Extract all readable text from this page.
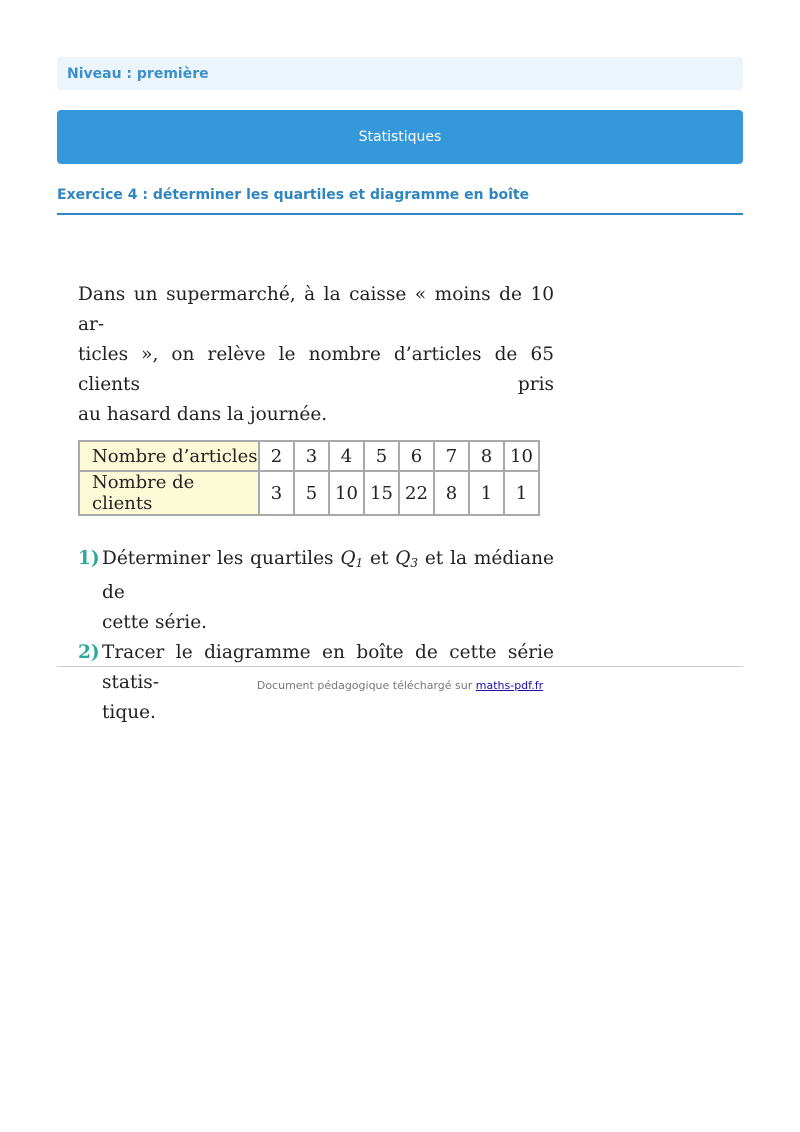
Niveau : première
Statistiques
Exercice 4 : déterminer les quartiles et diagramme en boîte

Dans un supermarché, à la caisse « moins de 10 ar-
ticles », on relève le nombre d’articles de 65 clients pris
au hasard dans la journée.

Nombre d’articles	2	3	4	5	6	7	8	10
Nombre de clients	3	5	10	15	22	8	1	1
1) Déterminer les quartiles $Q_1$ et $Q_3$ et la médiane de
cette série.
2) Tracer le diagramme en boîte de cette série statis-
tique.
Document pédagogique téléchargé sur maths-pdf.fr
